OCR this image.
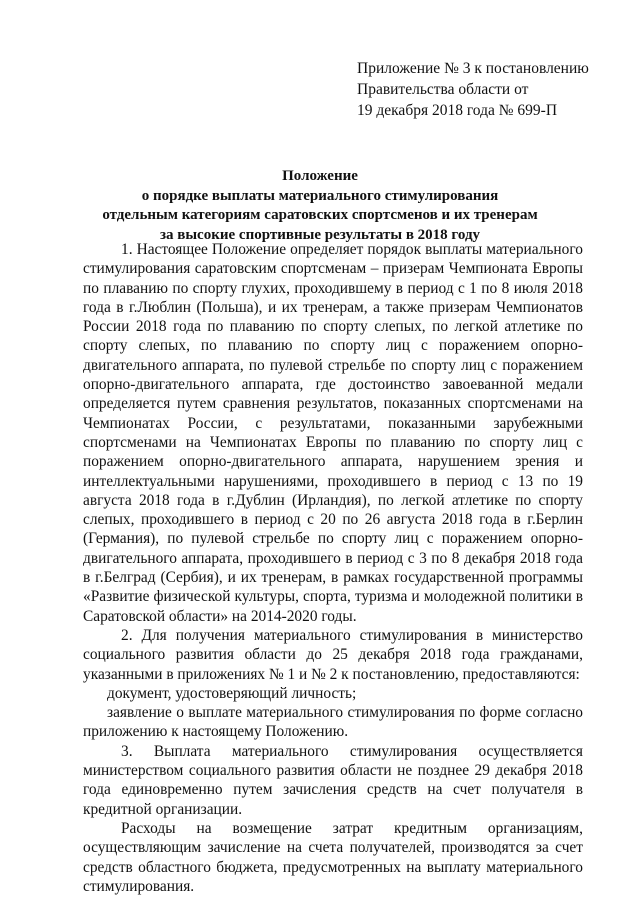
Приложение № 3 к постановлению
Правительства области от
19 декабря 2018 года № 699-П
Положение
о порядке выплаты материального стимулирования
отдельным категориям саратовских спортсменов и их тренерам
за высокие спортивные результаты в 2018 году

1. Настоящее Положение определяет порядок выплаты материального стимулирования саратовским спортсменам – призерам Чемпионата Европы по плаванию по спорту глухих, проходившему в период с 1 по 8 июля 2018 года в г.Люблин (Польша), и их тренерам, а также призерам Чемпионатов России 2018 года по плаванию по спорту слепых, по легкой атлетике по спорту слепых, по плаванию по спорту лиц с поражением опорно-двигательного аппарата, по пулевой стрельбе по спорту лиц с поражением опорно-двигательного аппарата, где достоинство завоеванной медали определяется путем сравнения результатов, показанных спортсменами на Чемпионатах России, с результатами, показанными зарубежными спортсменами на Чемпионатах Европы по плаванию по спорту лиц с поражением опорно-двигательного аппарата, нарушением зрения и интеллектуальными нарушениями, проходившего в период с 13 по 19 августа 2018 года в г.Дублин (Ирландия), по легкой атлетике по спорту слепых, проходившего в период с 20 по 26 августа 2018 года в г.Берлин (Германия), по пулевой стрельбе по спорту лиц с поражением опорно-двигательного аппарата, проходившего в период с 3 по 8 декабря 2018 года в г.Белград (Сербия), и их тренерам, в рамках государственной программы «Развитие физической культуры, спорта, туризма и молодежной политики в Саратовской области» на 2014-2020 годы.

2. Для получения материального стимулирования в министерство социального развития области до 25 декабря 2018 года гражданами, указанными в приложениях № 1 и № 2 к постановлению, предоставляются:

документ, удостоверяющий личность;

заявление о выплате материального стимулирования по форме согласно приложению к настоящему Положению.

3. Выплата материального стимулирования осуществляется министерством социального развития области не позднее 29 декабря 2018 года единовременно путем зачисления средств на счет получателя в кредитной организации.

Расходы на возмещение затрат кредитным организациям, осуществляющим зачисление на счета получателей, производятся за счет средств областного бюджета, предусмотренных на выплату материального стимулирования.
